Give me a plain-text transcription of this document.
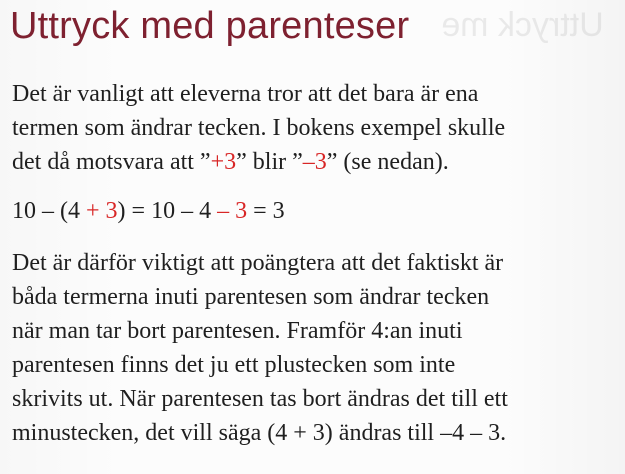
Uttryck me
Uttryck med parenteser
Det är vanligt att eleverna tror att det bara är ena
termen som ändrar tecken. I bokens exempel skulle
det då motsvara att ”+3” blir ”–3” (se nedan).
10 – (4 + 3) = 10 – 4 – 3 = 3
Det är därför viktigt att poängtera att det faktiskt är
båda termerna inuti parentesen som ändrar tecken
när man tar bort parentesen. Framför 4:an inuti
parentesen finns det ju ett plustecken som inte
skrivits ut. När parentesen tas bort ändras det till ett
minustecken, det vill säga (4 + 3) ändras till –4 – 3.
